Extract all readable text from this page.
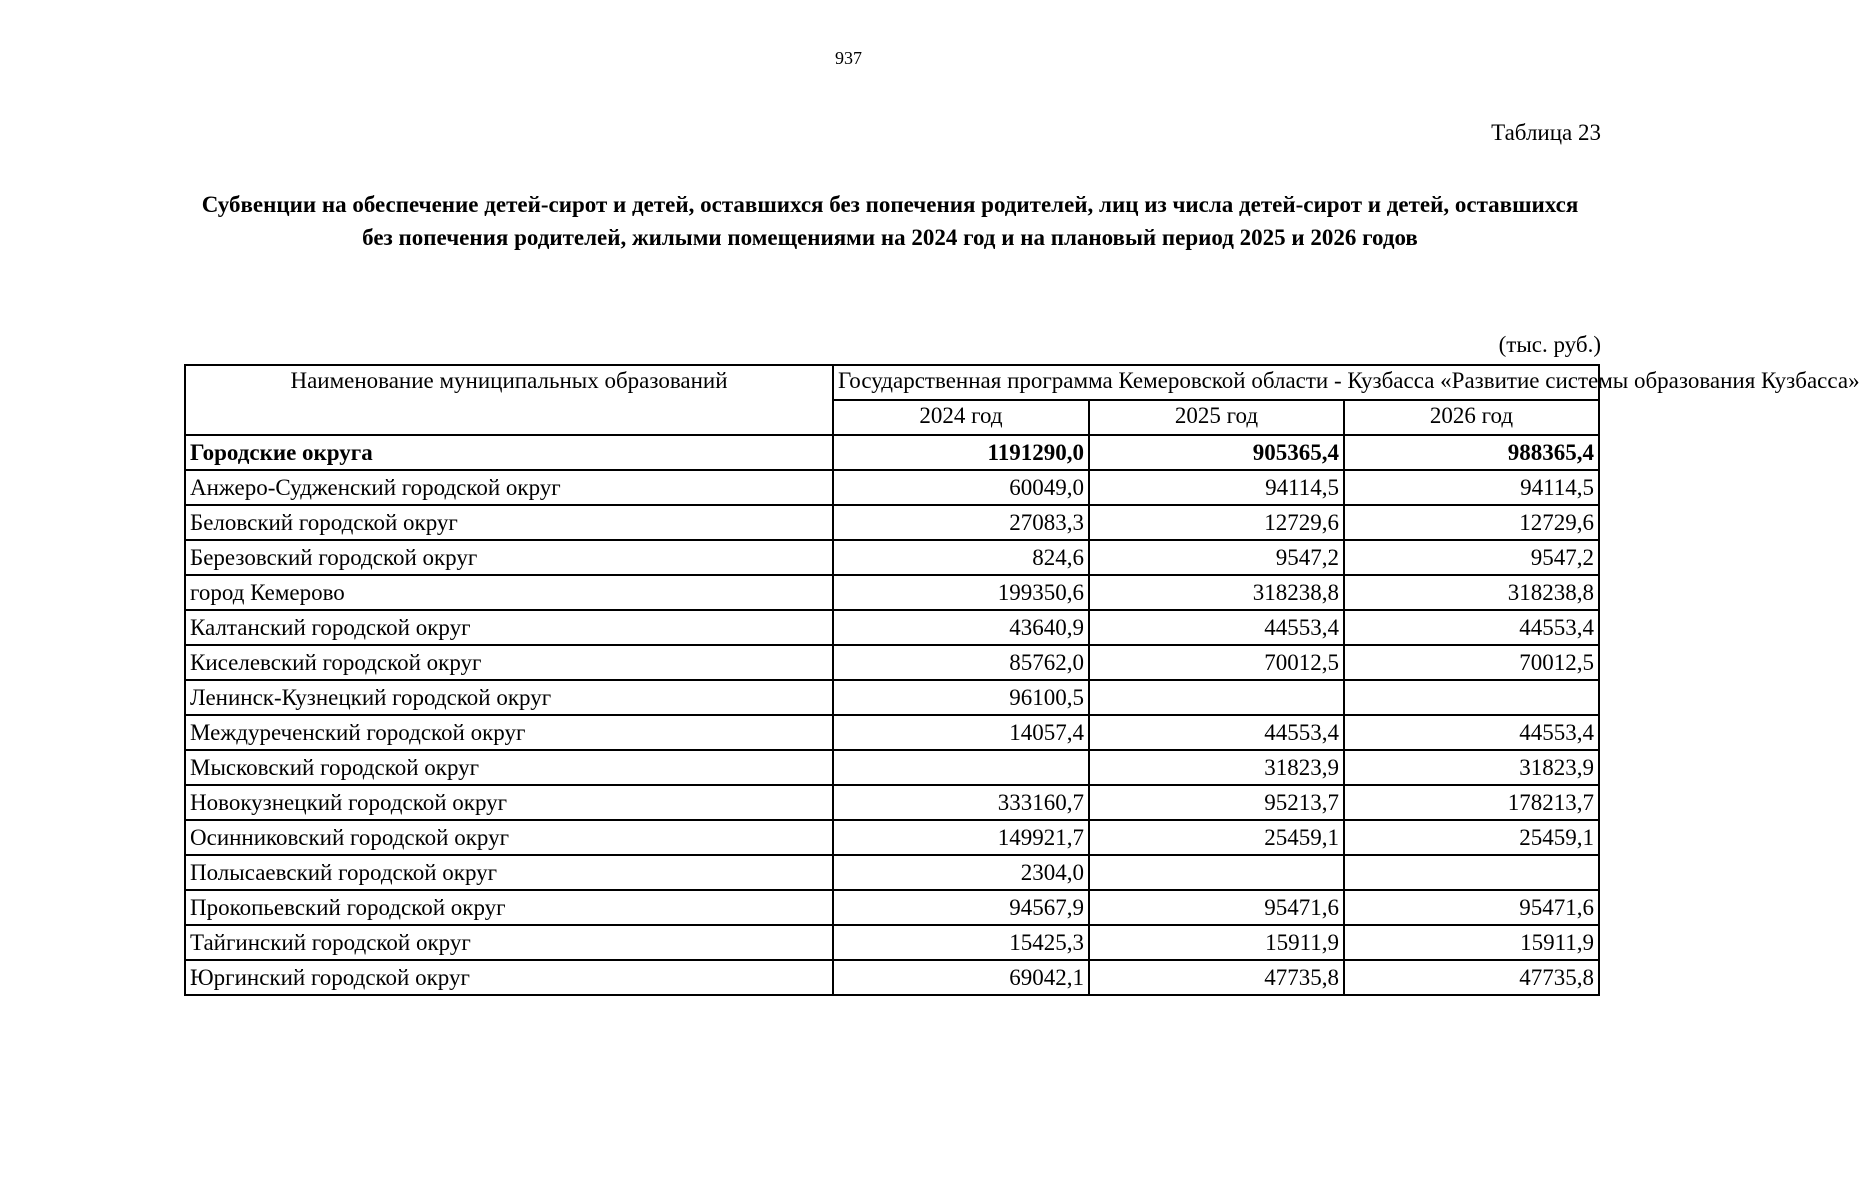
937
Таблица 23
Субвенции на обеспечение детей-сирот и детей, оставшихся без попечения родителей, лиц из числа детей-сирот и детей, оставшихся без попечения родителей, жилыми помещениями на 2024 год и на плановый период 2025 и 2026 годов
(тыс. руб.)
Наименование муниципальных образований	Государственная программа Кемеровской области - Кузбасса «Развитие системы образования Кузбасса»		
	2024 год	2025 год	2026 год
Городские округа	1191290,0	905365,4	988365,4
Анжеро-Судженский городской округ	60049,0	94114,5	94114,5
Беловский городской округ	27083,3	12729,6	12729,6
Березовский городской округ	824,6	9547,2	9547,2
город Кемерово	199350,6	318238,8	318238,8
Калтанский городской округ	43640,9	44553,4	44553,4
Киселевский городской округ	85762,0	70012,5	70012,5
Ленинск-Кузнецкий городской округ	96100,5		
Междуреченский городской округ	14057,4	44553,4	44553,4
Мысковский городской округ		31823,9	31823,9
Новокузнецкий городской округ	333160,7	95213,7	178213,7
Осинниковский городской округ	149921,7	25459,1	25459,1
Полысаевский городской округ	2304,0		
Прокопьевский городской округ	94567,9	95471,6	95471,6
Тайгинский городской округ	15425,3	15911,9	15911,9
Юргинский городской округ	69042,1	47735,8	47735,8
